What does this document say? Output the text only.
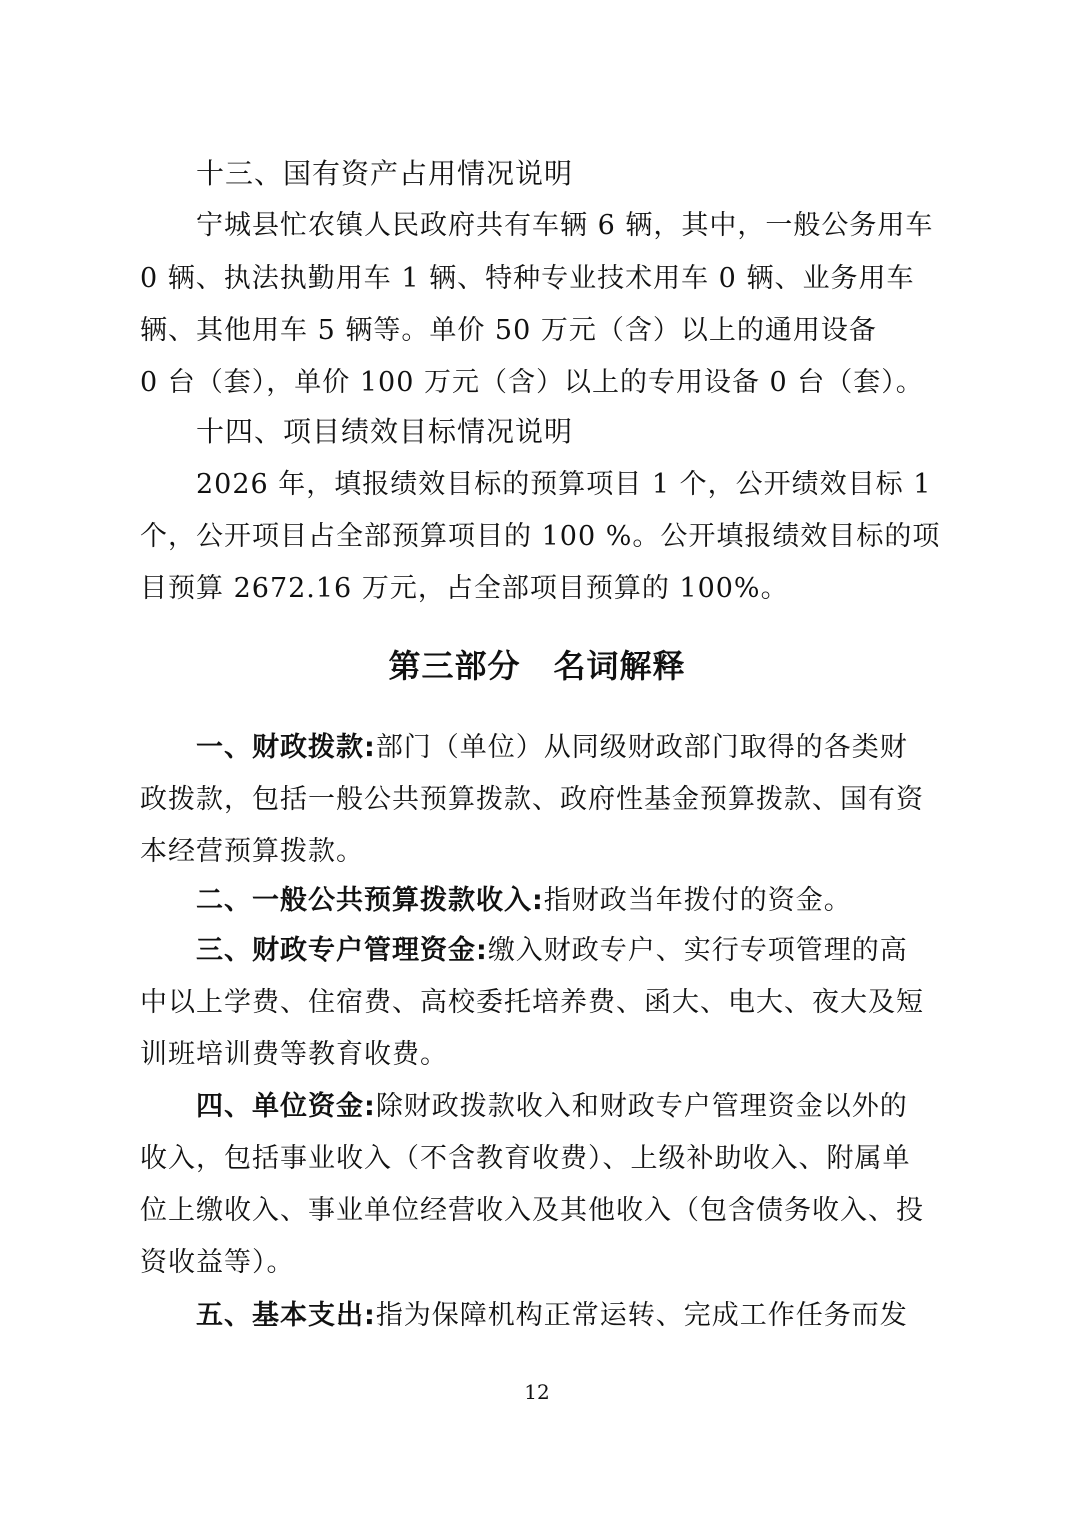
十三、国有资产占用情况说明
宁城县忙农镇人民政府共有车辆 6 辆，其中，一般公务用车
0 辆、执法执勤用车 1 辆、特种专业技术用车 0 辆、业务用车
辆、其他用车 5 辆等。单价 50 万元（含）以上的通用设备
0 台（套），单价 100 万元（含）以上的专用设备 0 台（套）。
十四、项目绩效目标情况说明
2026 年，填报绩效目标的预算项目 1 个，公开绩效目标 1
个，公开项目占全部预算项目的 100 %。公开填报绩效目标的项
目预算 2672.16 万元，占全部项目预算的 100%。
第三部分　名词解释
一、财政拨款:部门（单位）从同级财政部门取得的各类财
政拨款，包括一般公共预算拨款、政府性基金预算拨款、国有资
本经营预算拨款。
二、一般公共预算拨款收入:指财政当年拨付的资金。
三、财政专户管理资金:缴入财政专户、实行专项管理的高
中以上学费、住宿费、高校委托培养费、函大、电大、夜大及短
训班培训费等教育收费。
四、单位资金:除财政拨款收入和财政专户管理资金以外的
收入，包括事业收入（不含教育收费）、上级补助收入、附属单
位上缴收入、事业单位经营收入及其他收入（包含债务收入、投
资收益等）。
五、基本支出:指为保障机构正常运转、完成工作任务而发
12
